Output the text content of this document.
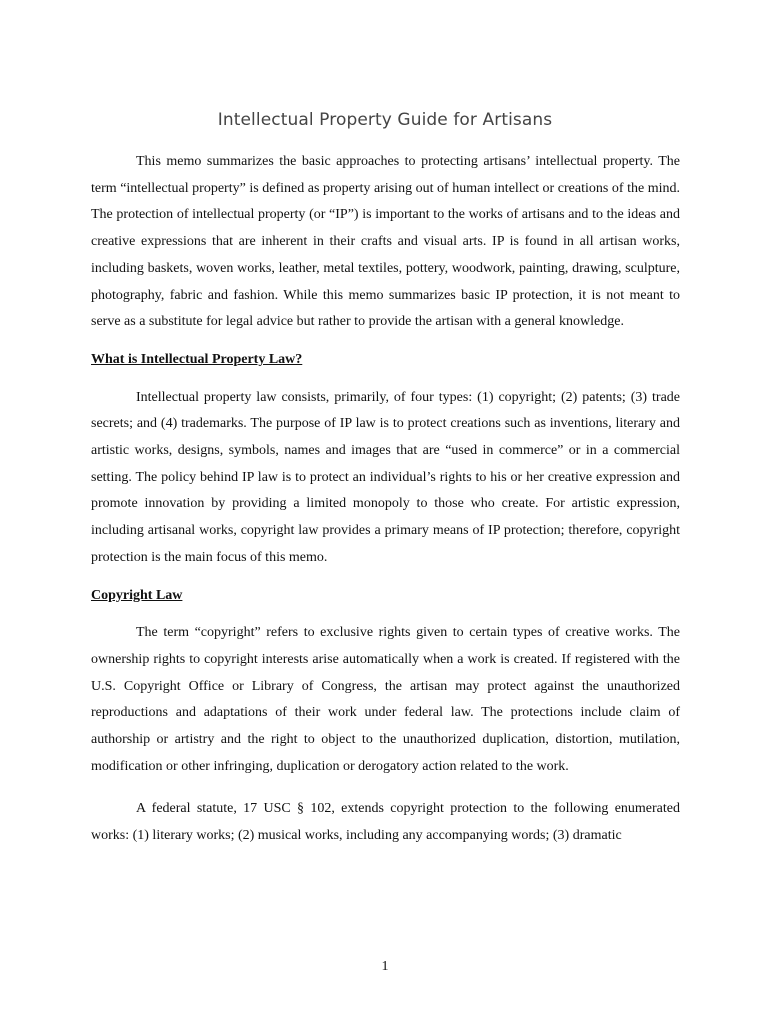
Intellectual Property Guide for Artisans

This memo summarizes the basic approaches to protecting artisans’ intellectual property. The term “intellectual property” is defined as property arising out of human intellect or creations of the mind. The protection of intellectual property (or “IP”) is important to the works of artisans and to the ideas and creative expressions that are inherent in their crafts and visual arts. IP is found in all artisan works, including baskets, woven works, leather, metal textiles, pottery, woodwork, painting, drawing, sculpture, photography, fabric and fashion. While this memo summarizes basic IP protection, it is not meant to serve as a substitute for legal advice but rather to provide the artisan with a general knowledge.

What is Intellectual Property Law?

Intellectual property law consists, primarily, of four types: (1) copyright; (2) patents; (3) trade secrets; and (4) trademarks. The purpose of IP law is to protect creations such as inventions, literary and artistic works, designs, symbols, names and images that are “used in commerce” or in a commercial setting. The policy behind IP law is to protect an individual’s rights to his or her creative expression and promote innovation by providing a limited monopoly to those who create. For artistic expression, including artisanal works, copyright law provides a primary means of IP protection; therefore, copyright protection is the main focus of this memo.

Copyright Law

The term “copyright” refers to exclusive rights given to certain types of creative works. The ownership rights to copyright interests arise automatically when a work is created. If registered with the U.S. Copyright Office or Library of Congress, the artisan may protect against the unauthorized reproductions and adaptations of their work under federal law. The protections include claim of authorship or artistry and the right to object to the unauthorized duplication, distortion, mutilation, modification or other infringing, duplication or derogatory action related to the work.

A federal statute, 17 USC § 102, extends copyright protection to the following enumerated works: (1) literary works; (2) musical works, including any accompanying words; (3) dramatic

1
